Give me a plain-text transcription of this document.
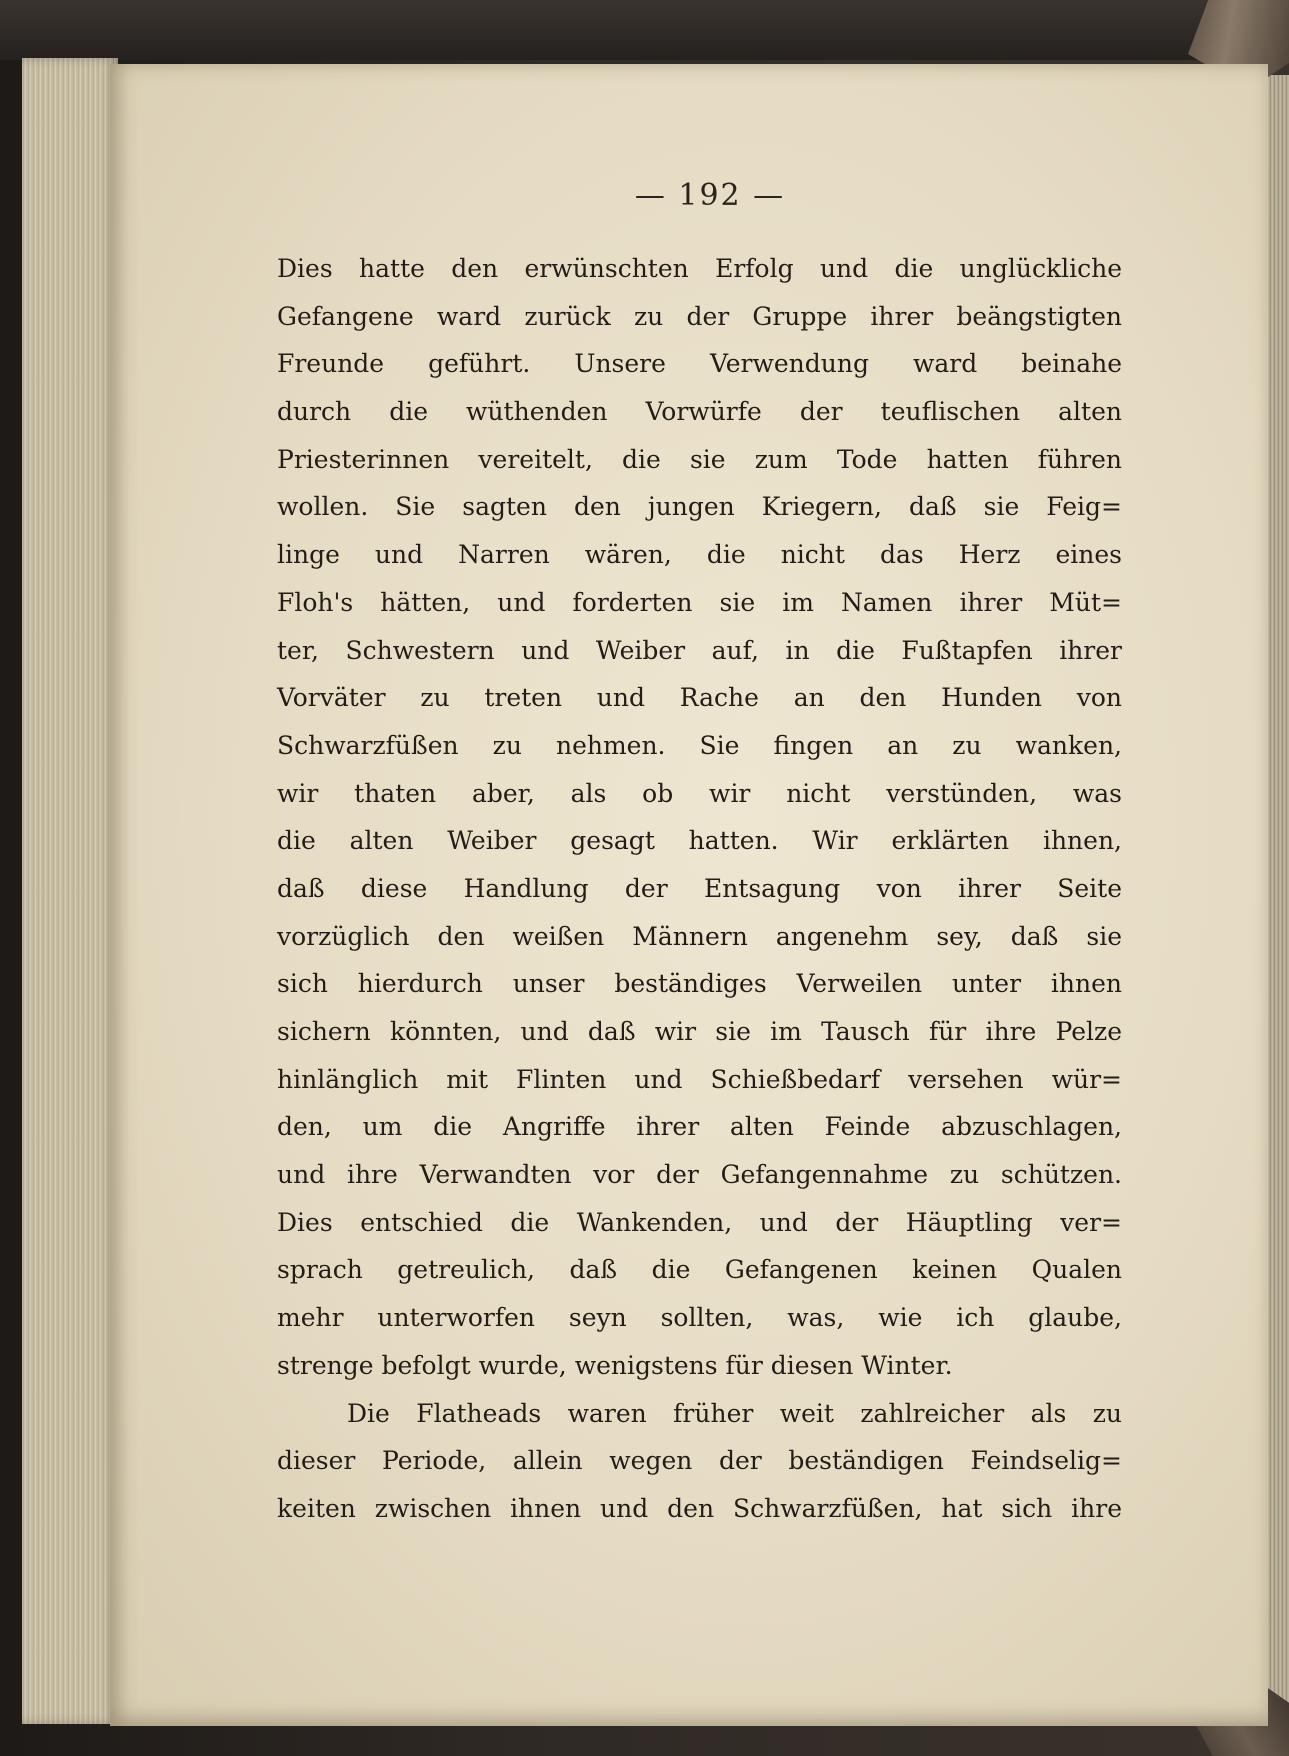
— 192 —
Dies hatte den erwünschten Erfolg und die unglückliche
Gefangene ward zurück zu der Gruppe ihrer beängstigten
Freunde geführt. Unsere Verwendung ward beinahe
durch die wüthenden Vorwürfe der teuflischen alten
Priesterinnen vereitelt, die sie zum Tode hatten führen
wollen. Sie sagten den jungen Kriegern, daß sie Feig=
linge und Narren wären, die nicht das Herz eines
Floh's hätten, und forderten sie im Namen ihrer Müt=
ter, Schwestern und Weiber auf, in die Fußtapfen ihrer
Vorväter zu treten und Rache an den Hunden von
Schwarzfüßen zu nehmen. Sie fingen an zu wanken,
wir thaten aber, als ob wir nicht verstünden, was
die alten Weiber gesagt hatten. Wir erklärten ihnen,
daß diese Handlung der Entsagung von ihrer Seite
vorzüglich den weißen Männern angenehm sey, daß sie
sich hierdurch unser beständiges Verweilen unter ihnen
sichern könnten, und daß wir sie im Tausch für ihre Pelze
hinlänglich mit Flinten und Schießbedarf versehen wür=
den, um die Angriffe ihrer alten Feinde abzuschlagen,
und ihre Verwandten vor der Gefangennahme zu schützen.
Dies entschied die Wankenden, und der Häuptling ver=
sprach getreulich, daß die Gefangenen keinen Qualen
mehr unterworfen seyn sollten, was, wie ich glaube,
strenge befolgt wurde, wenigstens für diesen Winter.
Die Flatheads waren früher weit zahlreicher als zu
dieser Periode, allein wegen der beständigen Feindselig=
keiten zwischen ihnen und den Schwarzfüßen, hat sich ihre
